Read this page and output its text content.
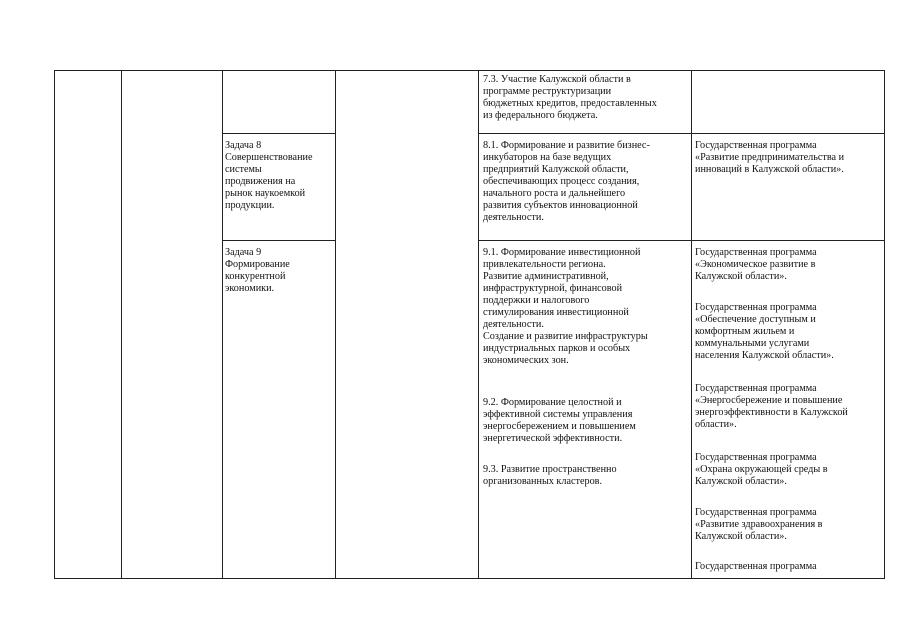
7.3. Участие Калужской области в
программе реструктуризации
бюджетных кредитов, предоставленных
из федерального бюджета.
Задача 8
Совершенствование
системы
продвижения на
рынок наукоемкой
продукции.
8.1. Формирование и развитие бизнес-
инкубаторов на базе ведущих
предприятий Калужской области,
обеспечивающих процесс создания,
начального роста и дальнейшего
развития субъектов инновационной
деятельности.
Государственная программа
«Развитие предпринимательства и
инноваций в Калужской области».
Задача 9
Формирование
конкурентной
экономики.
9.1. Формирование инвестиционной
привлекательности региона.
Развитие административной,
инфраструктурной, финансовой
поддержки и налогового
стимулирования инвестиционной
деятельности.
Создание и развитие инфраструктуры
индустриальных парков и особых
экономических зон.
9.2. Формирование целостной и
эффективной системы управления
энергосбережением и повышением
энергетической эффективности.
9.3. Развитие пространственно
организованных кластеров.
Государственная программа
«Экономическое развитие в
Калужской области».
Государственная программа
«Обеспечение доступным и
комфортным жильем и
коммунальными услугами
населения Калужской области».
Государственная программа
«Энергосбережение и повышение
энергоэффективности в Калужской
области».
Государственная программа
«Охрана окружающей среды в
Калужской области».
Государственная программа
«Развитие здравоохранения в
Калужской области».
Государственная программа
